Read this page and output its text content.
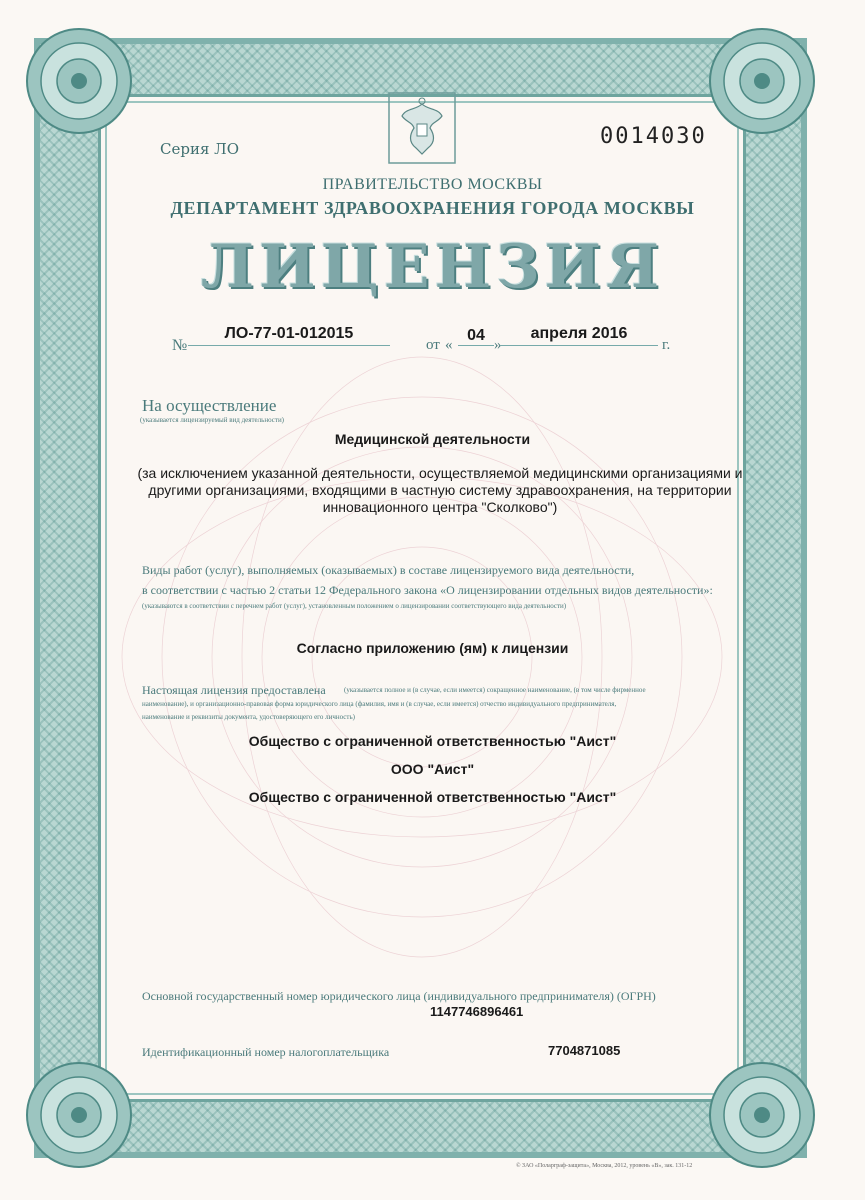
Серия ЛО	0014030
ПРАВИТЕЛЬСТВО МОСКВЫ
ДЕПАРТАМЕНТ ЗДРАВООХРАНЕНИЯ ГОРОДА МОСКВЫ
ЛИЦЕНЗИЯ
№
ЛО-77-01-012015
от «
04
»
апреля 2016
г.
На осуществление
(указывается лицензируемый вид деятельности)
Медицинской деятельности
(за исключением указанной деятельности, осуществляемой медицинскими организациями и другими организациями, входящими в частную систему здравоохранения, на территории инновационного центра "Сколково")
Виды работ (услуг), выполняемых (оказываемых) в составе лицензируемого вида деятельности,
в соответствии с частью 2 статьи 12 Федерального закона «О лицензировании отдельных видов деятельности»:
(указываются в соответствии с перечнем работ (услуг), установленным положением о лицензировании соответствующего вида деятельности)
Согласно приложению (ям) к лицензии
Настоящая лицензия предоставлена	(указывается полное и (в случае, если имеется) сокращенное наименование, (в том числе фирменное
наименование), и организационно-правовая форма юридического лица (фамилия, имя и (в случае, если имеется) отчество индивидуального предпринимателя,
наименование и реквизиты документа, удостоверяющего его личность)
Общество с ограниченной ответственностью "Аист"
ООО "Аист"
Общество с ограниченной ответственностью "Аист"
Основной государственный номер юридического лица (индивидуального предпринимателя) (ОГРН)
1147746896461
Идентификационный номер налогоплательщика	7704871085
© ЗАО «Поларграф-защита», Москва, 2012, уровень «В», зак. 131-12
